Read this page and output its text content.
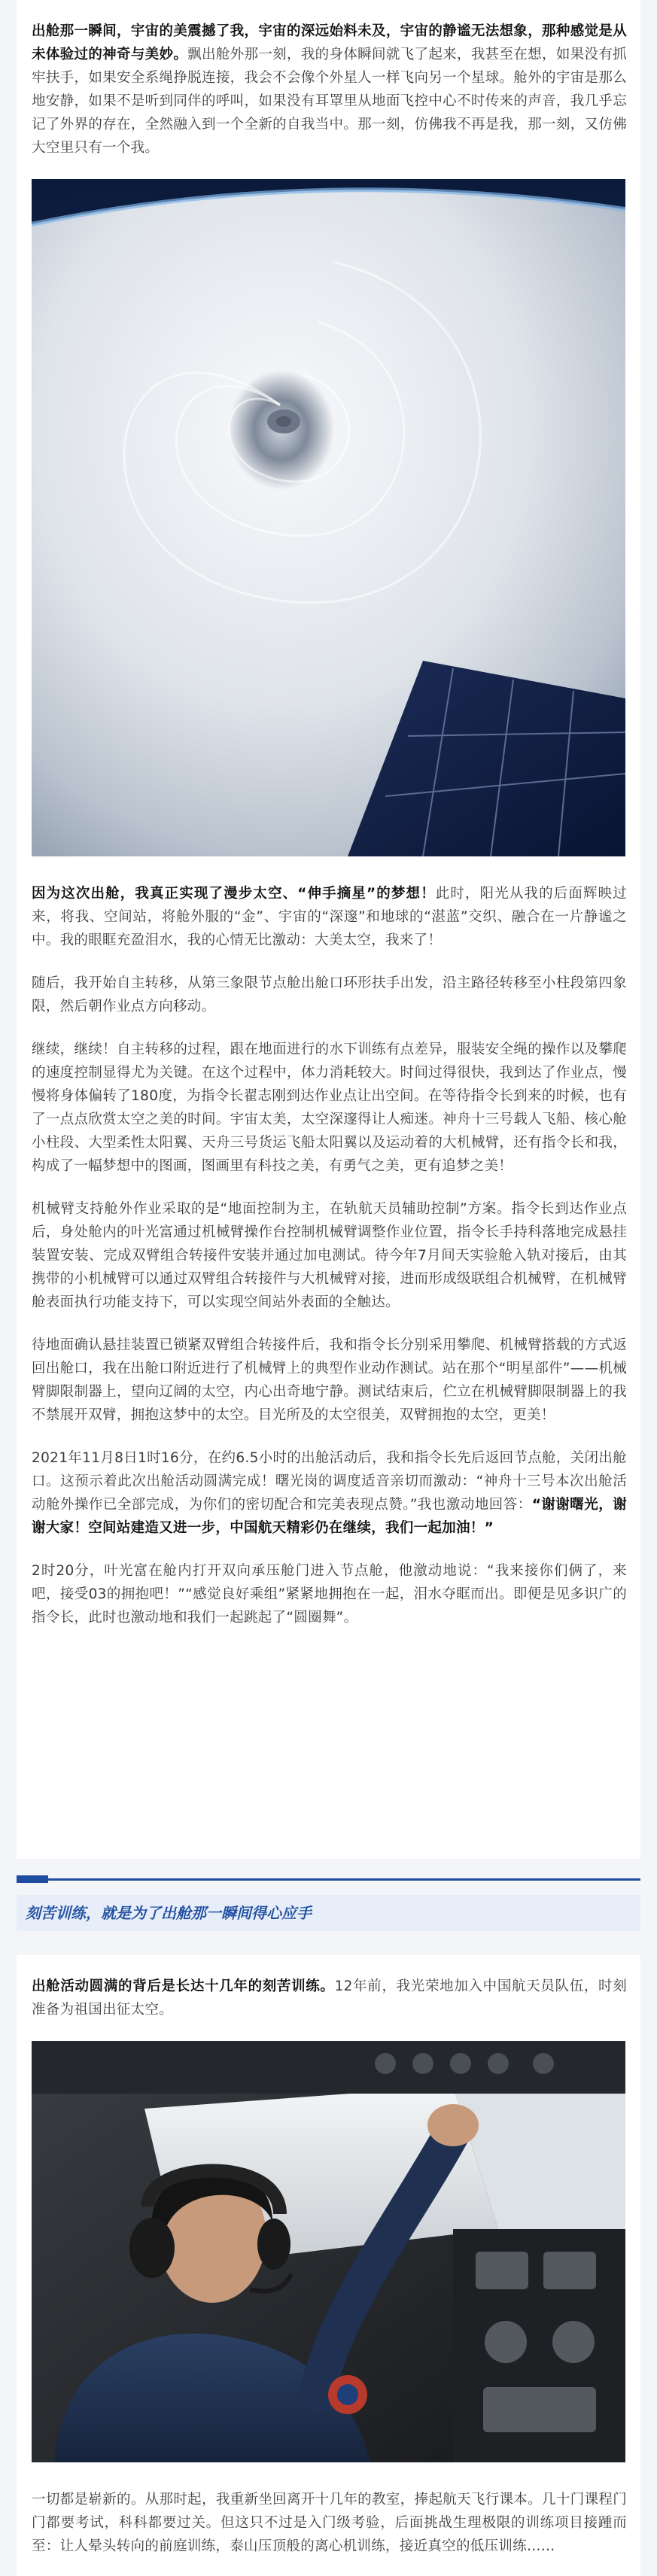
出舱那一瞬间，宇宙的美震撼了我，宇宙的深远始料未及，宇宙的静谧无法想象，那种感觉是从未体验过的神奇与美妙。飘出舱外那一刻，我的身体瞬间就飞了起来，我甚至在想，如果没有抓牢扶手，如果安全系绳挣脱连接，我会不会像个外星人一样飞向另一个星球。舱外的宇宙是那么地安静，如果不是听到同伴的呼叫，如果没有耳罩里从地面飞控中心不时传来的声音，我几乎忘记了外界的存在，全然融入到一个全新的自我当中。那一刻，仿佛我不再是我，那一刻，又仿佛大空里只有一个我。

因为这次出舱，我真正实现了漫步太空、“伸手摘星”的梦想！此时，阳光从我的后面辉映过来，将我、空间站，将舱外服的“金”、宇宙的“深邃”和地球的“湛蓝”交织、融合在一片静谧之中。我的眼眶充盈泪水，我的心情无比激动：大美太空，我来了！

随后，我开始自主转移，从第三象限节点舱出舱口环形扶手出发，沿主路径转移至小柱段第四象限，然后朝作业点方向移动。

继续，继续！自主转移的过程，跟在地面进行的水下训练有点差异，服装安全绳的操作以及攀爬的速度控制显得尤为关键。在这个过程中，体力消耗较大。时间过得很快，我到达了作业点，慢慢将身体偏转了180度，为指令长翟志刚到达作业点让出空间。在等待指令长到来的时候，也有了一点点欣赏太空之美的时间。宇宙太美，太空深邃得让人痴迷。神舟十三号载人飞船、核心舱小柱段、大型柔性太阳翼、天舟三号货运飞船太阳翼以及运动着的大机械臂，还有指令长和我，构成了一幅梦想中的图画，图画里有科技之美，有勇气之美，更有追梦之美！

机械臂支持舱外作业采取的是“地面控制为主，在轨航天员辅助控制”方案。指令长到达作业点后，身处舱内的叶光富通过机械臂操作台控制机械臂调整作业位置，指令长手持科落地完成悬挂装置安装、完成双臂组合转接件安装并通过加电测试。待今年7月间天实验舱入轨对接后，由其携带的小机械臂可以通过双臂组合转接件与大机械臂对接，进而形成级联组合机械臂，在机械臂舱表面执行功能支持下，可以实现空间站外表面的全触达。

待地面确认悬挂装置已锁紧双臂组合转接件后，我和指令长分别采用攀爬、机械臂搭载的方式返回出舱口，我在出舱口附近进行了机械臂上的典型作业动作测试。站在那个“明星部件”——机械臂脚限制器上，望向辽阔的太空，内心出奇地宁静。测试结束后，伫立在机械臂脚限制器上的我不禁展开双臂，拥抱这梦中的太空。目光所及的太空很美，双臂拥抱的太空，更美！

2021年11月8日1时16分，在约6.5小时的出舱活动后，我和指令长先后返回节点舱，关闭出舱口。这预示着此次出舱活动圆满完成！曙光岗的调度适音亲切而激动：“神舟十三号本次出舱活动舱外操作已全部完成，为你们的密切配合和完美表现点赞。”我也激动地回答：“谢谢曙光，谢谢大家！空间站建造又进一步，中国航天精彩仍在继续，我们一起加油！”

2时20分，叶光富在舱内打开双向承压舱门进入节点舱，他激动地说：“我来接你们俩了，来吧，接受03的拥抱吧！”“感觉良好乘组”紧紧地拥抱在一起，泪水夺眶而出。即便是见多识广的指令长，此时也激动地和我们一起跳起了“圆圈舞”。

刻苦训练，就是为了出舱那一瞬间得心应手

出舱活动圆满的背后是长达十几年的刻苦训练。12年前，我光荣地加入中国航天员队伍，时刻准备为祖国出征太空。

一切都是崭新的。从那时起，我重新坐回离开十几年的教室，捧起航天飞行课本。几十门课程门门都要考试，科科都要过关。但这只不过是入门级考验，后面挑战生理极限的训练项目接踵而至：让人晕头转向的前庭训练，泰山压顶般的离心机训练，接近真空的低压训练……
